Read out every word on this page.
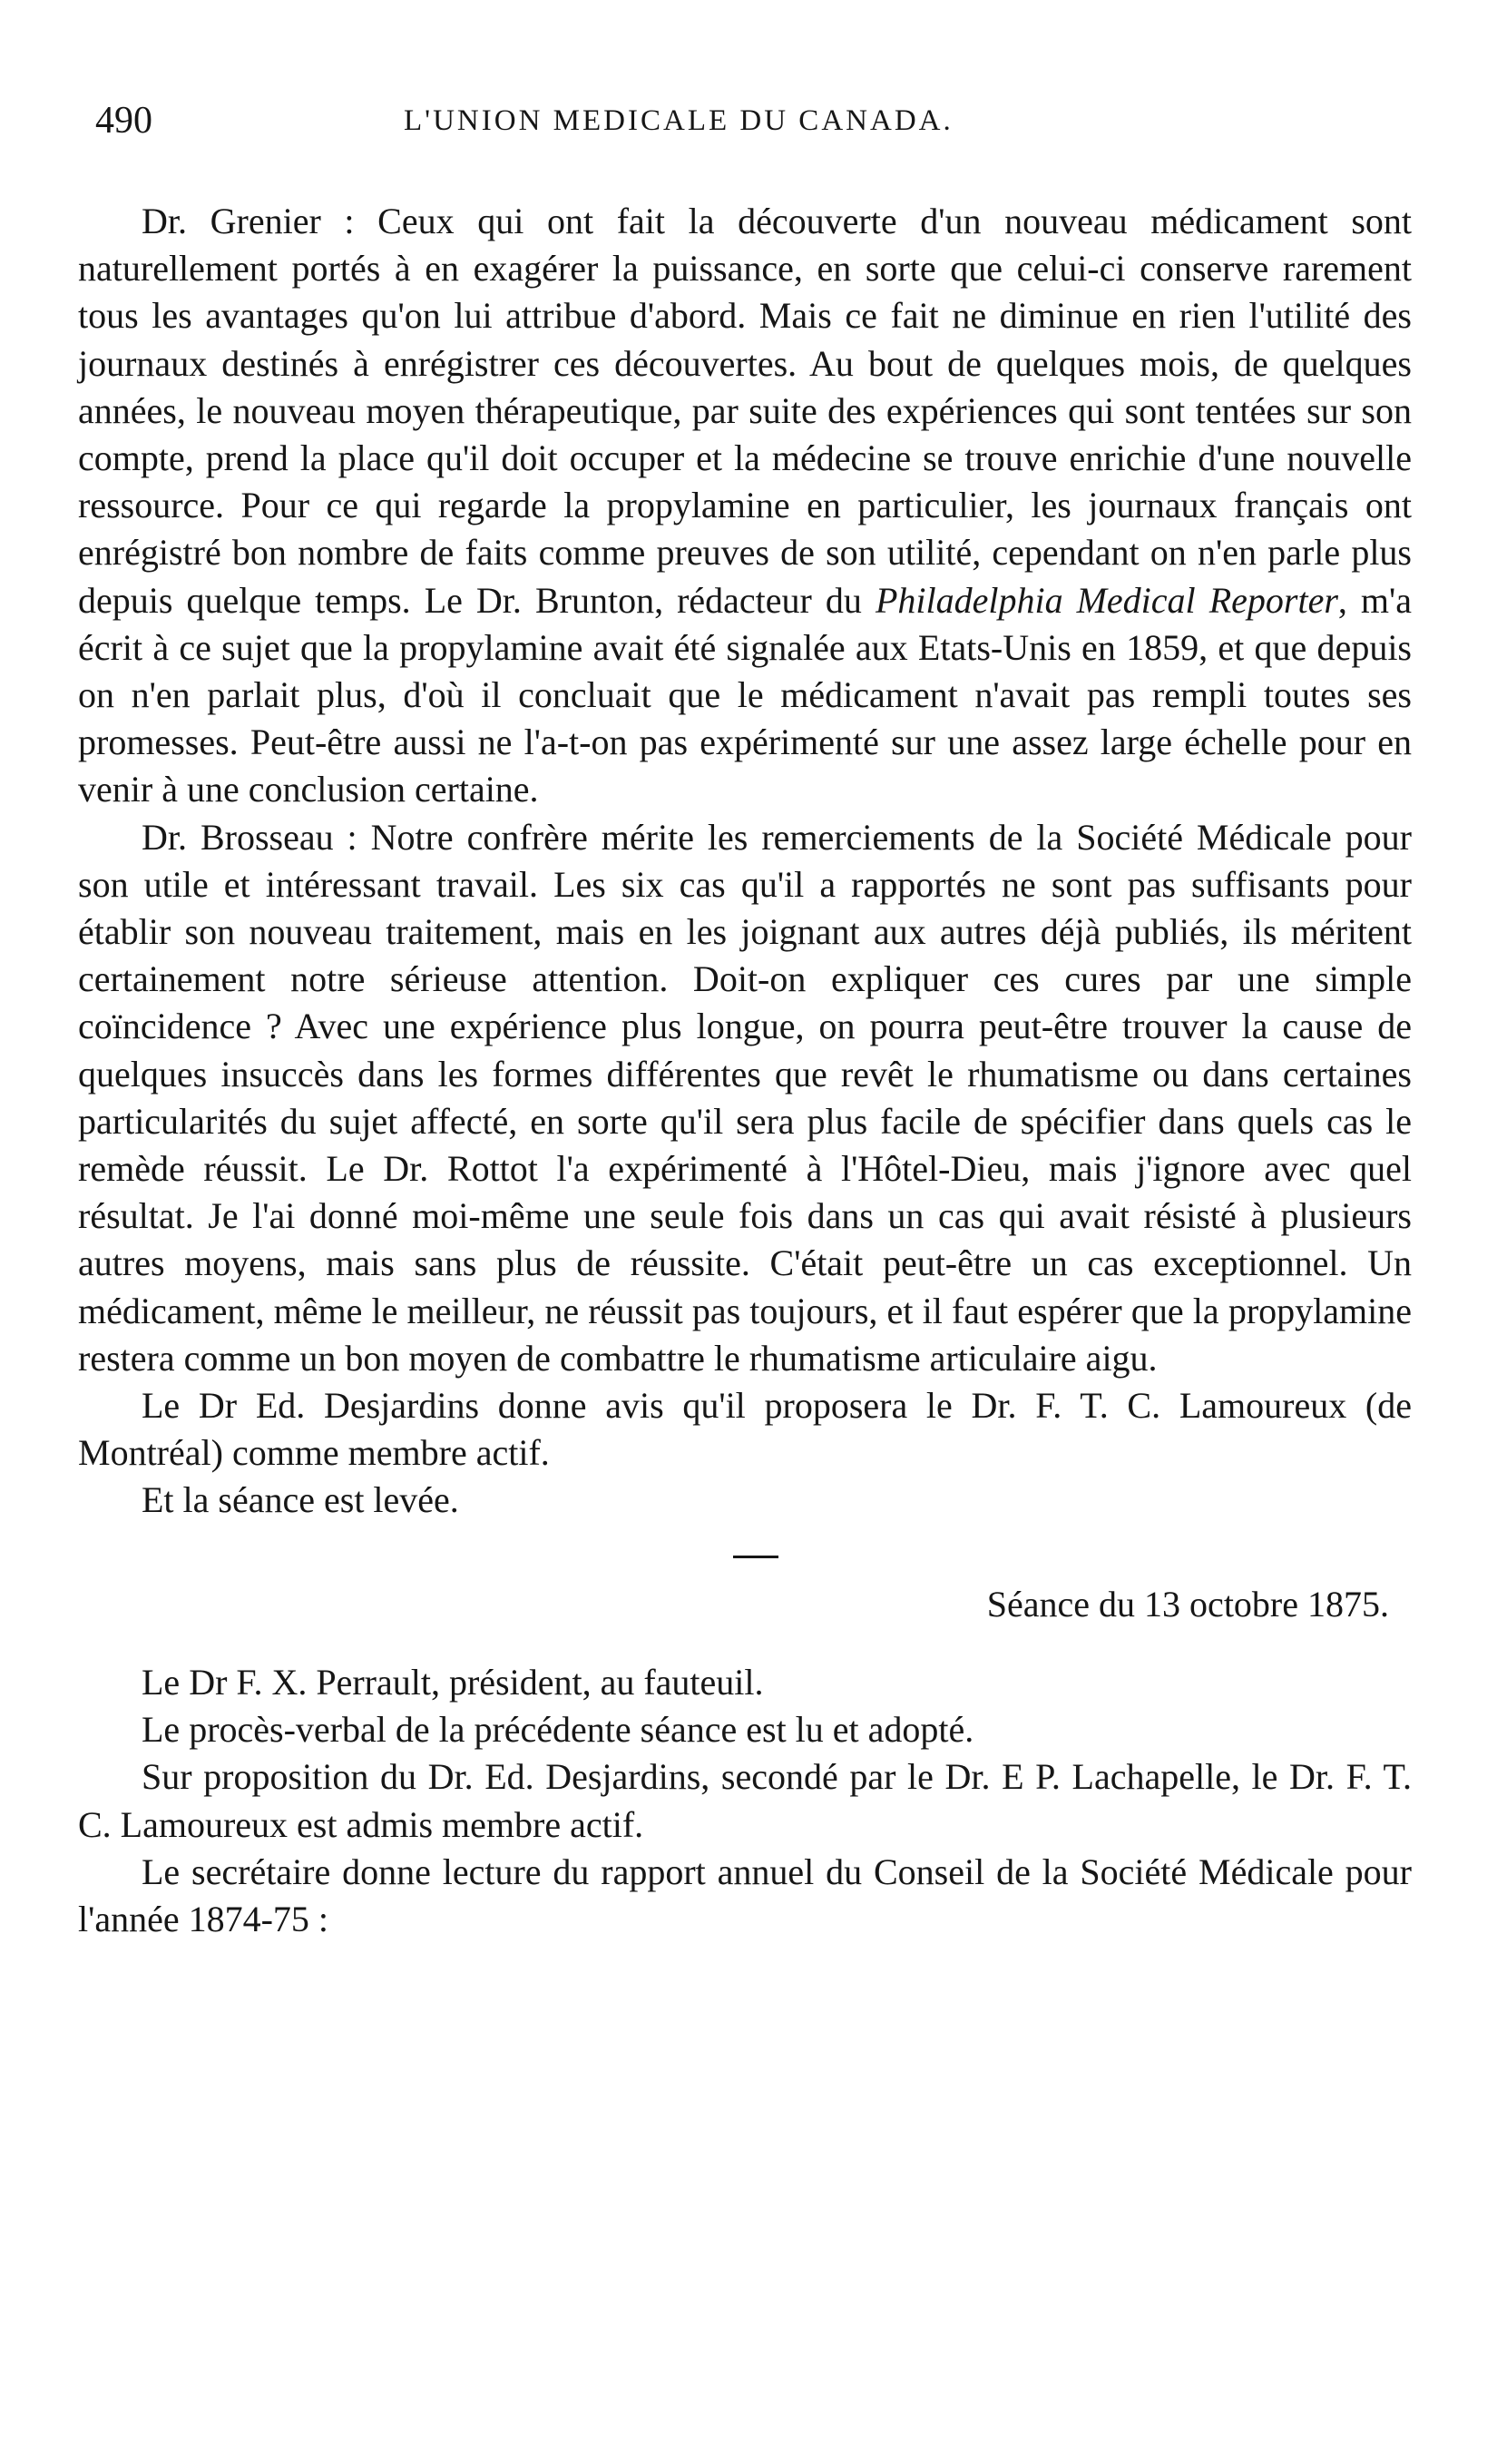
490	L'UNION MEDICALE DU CANADA.

Dr. Grenier : Ceux qui ont fait la découverte d'un nouveau médicament sont naturellement portés à en exagérer la puissance, en sorte que celui-ci conserve rarement tous les avantages qu'on lui attribue d'abord. Mais ce fait ne diminue en rien l'utilité des journaux destinés à enrégistrer ces découvertes. Au bout de quelques mois, de quelques années, le nouveau moyen thérapeutique, par suite des expériences qui sont tentées sur son compte, prend la place qu'il doit occuper et la médecine se trouve enrichie d'une nouvelle ressource. Pour ce qui regarde la propylamine en particulier, les journaux français ont enrégistré bon nombre de faits comme preuves de son utilité, cependant on n'en parle plus depuis quelque temps. Le Dr. Brunton, rédacteur du Philadelphia Medical Reporter, m'a écrit à ce sujet que la propylamine avait été signalée aux Etats-Unis en 1859, et que depuis on n'en parlait plus, d'où il concluait que le médicament n'avait pas rempli toutes ses promesses. Peut-être aussi ne l'a-t-on pas expérimenté sur une assez large échelle pour en venir à une conclusion certaine.

Dr. Brosseau : Notre confrère mérite les remerciements de la Société Médicale pour son utile et intéressant travail. Les six cas qu'il a rapportés ne sont pas suffisants pour établir son nouveau traitement, mais en les joignant aux autres déjà publiés, ils méritent certainement notre sérieuse attention. Doit-on expliquer ces cures par une simple coïncidence ? Avec une expérience plus longue, on pourra peut-être trouver la cause de quelques insuccès dans les formes différentes que revêt le rhumatisme ou dans certaines particularités du sujet affecté, en sorte qu'il sera plus facile de spécifier dans quels cas le remède réussit. Le Dr. Rottot l'a expérimenté à l'Hôtel-Dieu, mais j'ignore avec quel résultat. Je l'ai donné moi-même une seule fois dans un cas qui avait résisté à plusieurs autres moyens, mais sans plus de réussite. C'était peut-être un cas exceptionnel. Un médicament, même le meilleur, ne réussit pas toujours, et il faut espérer que la propylamine restera comme un bon moyen de combattre le rhumatisme articulaire aigu.

Le Dr Ed. Desjardins donne avis qu'il proposera le Dr. F. T. C. Lamoureux (de Montréal) comme membre actif.

Et la séance est levée.

Séance du 13 octobre 1875.

Le Dr F. X. Perrault, président, au fauteuil.

Le procès-verbal de la précédente séance est lu et adopté.

Sur proposition du Dr. Ed. Desjardins, secondé par le Dr. E P. Lachapelle, le Dr. F. T. C. Lamoureux est admis membre actif.

Le secrétaire donne lecture du rapport annuel du Conseil de la Société Médicale pour l'année 1874-75 :
